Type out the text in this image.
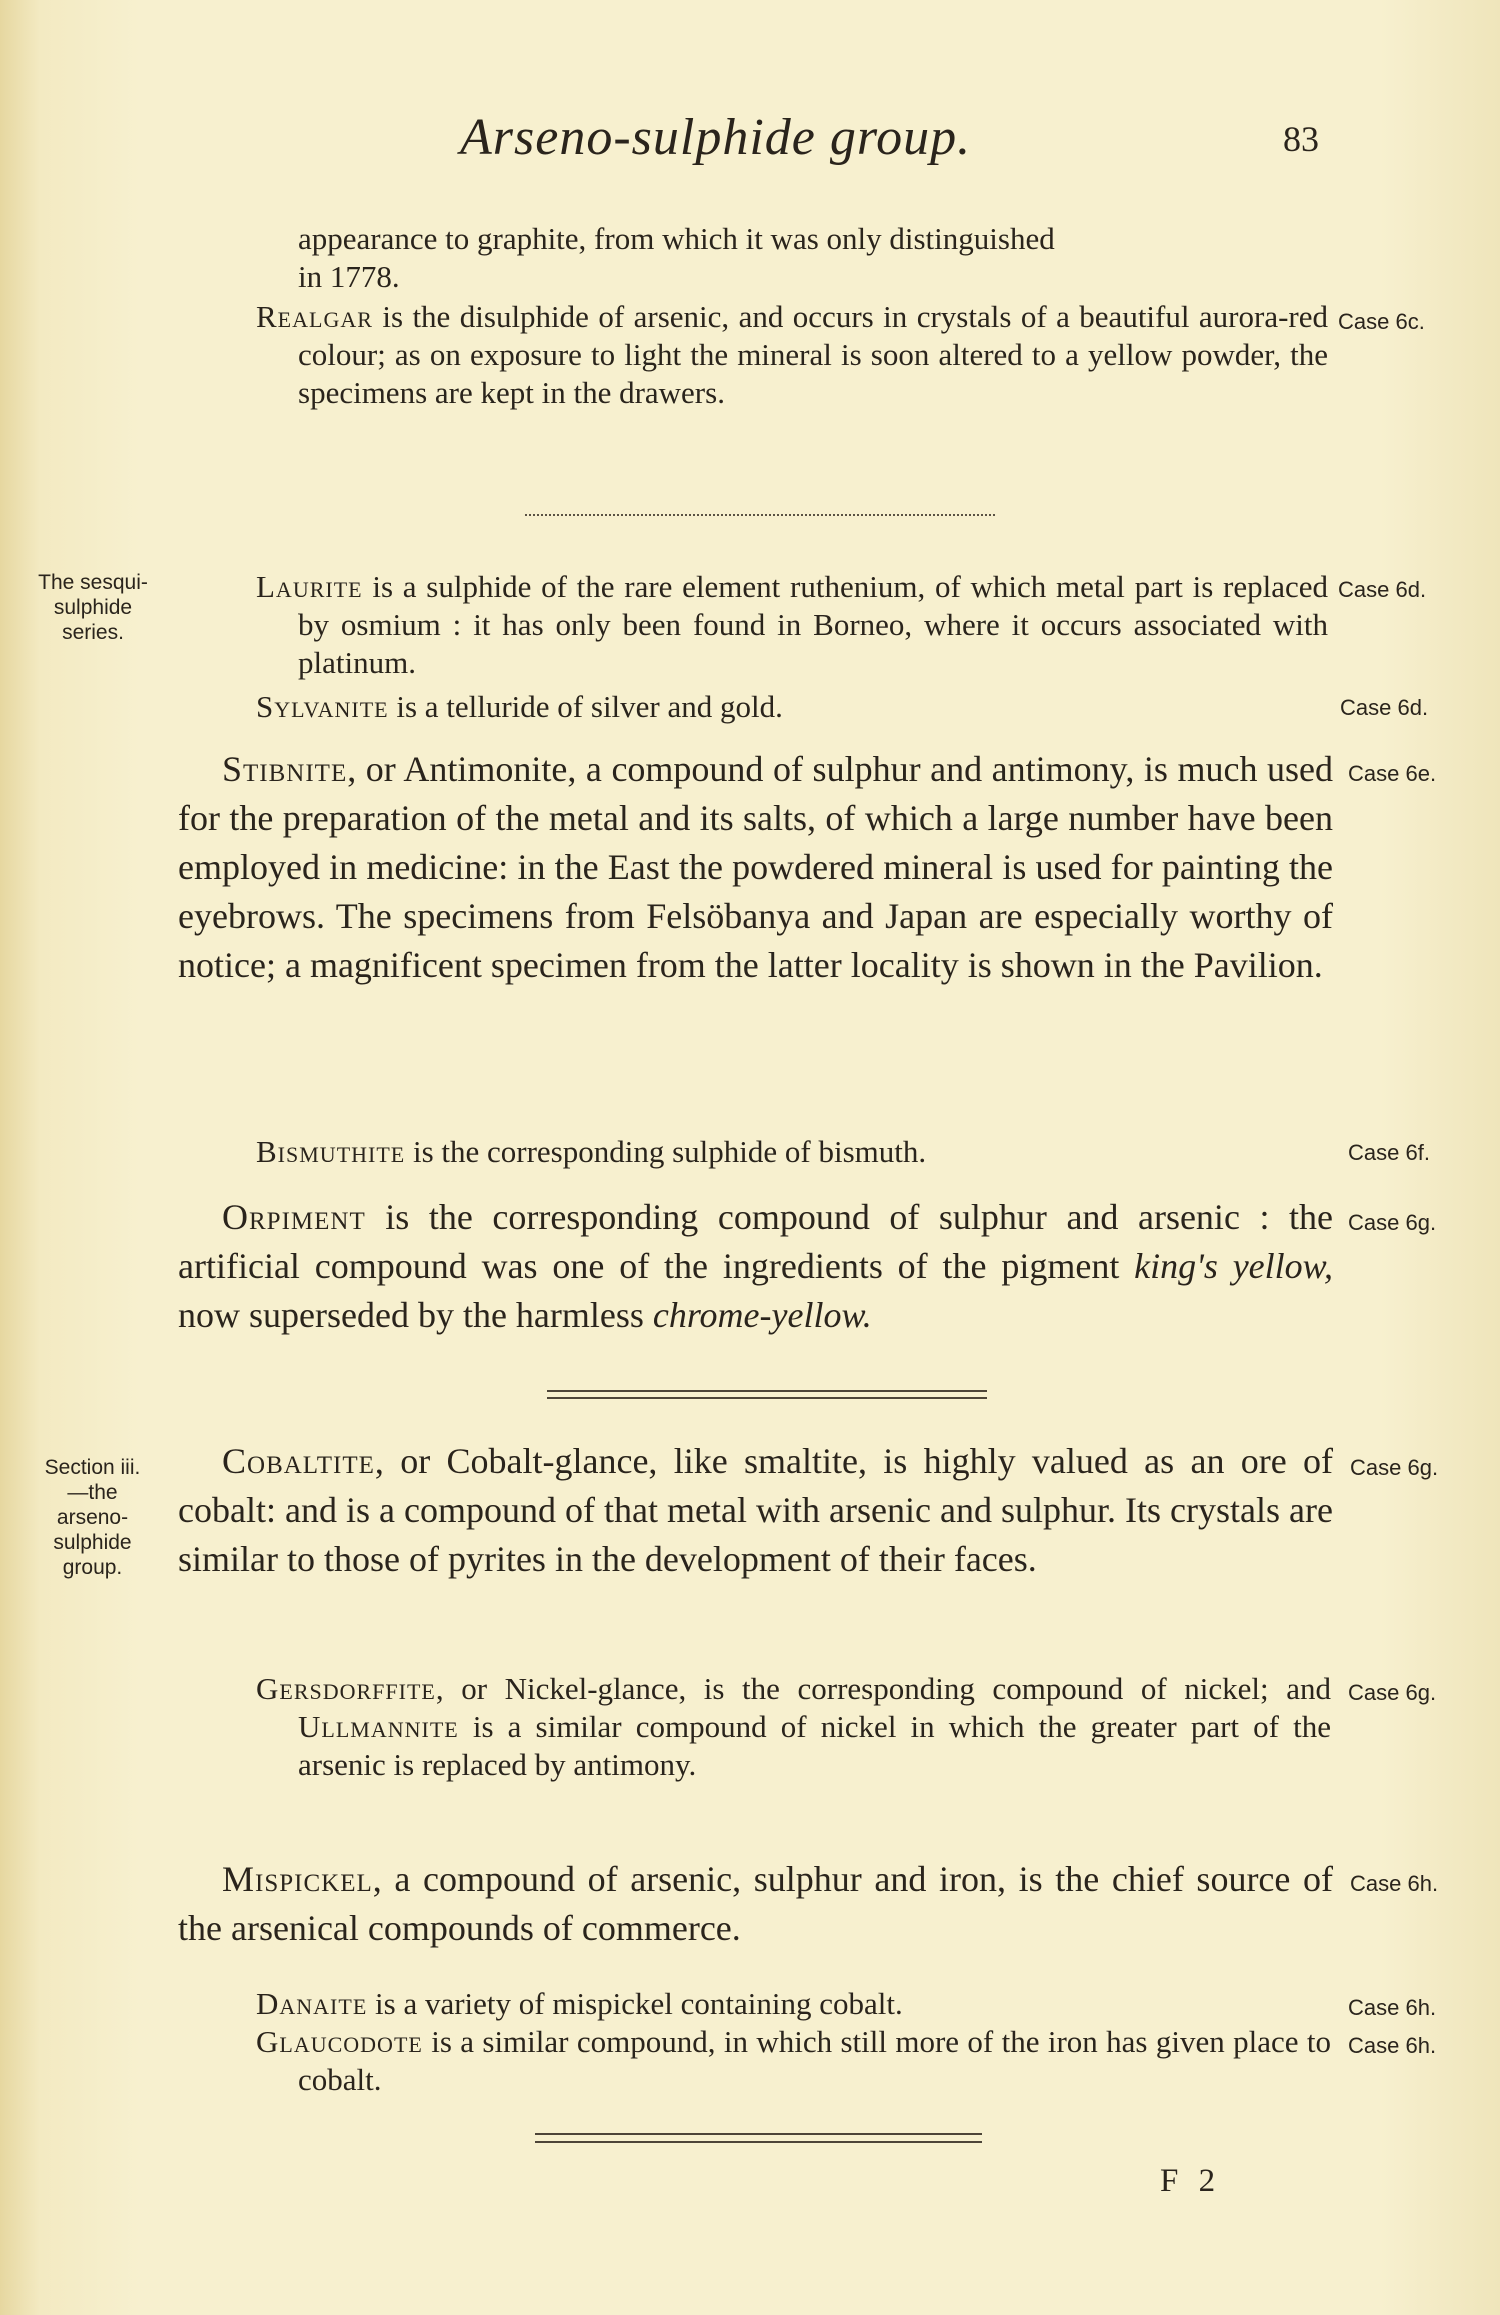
Arseno-sulphide group.	83

appearance to graphite, from which it was only distinguished

in 1778.

Realgar is the disulphide of arsenic, and occurs in crystals of a beautiful aurora-red colour; as on exposure to light the mineral is soon altered to a yellow powder, the specimens are kept in the drawers.
Case 6c.
The sesqui-
sulphide
series.
Laurite is a sulphide of the rare element ruthenium, of which metal part is replaced by osmium : it has only been found in Borneo, where it occurs associated with platinum.
Case 6d.
Sylvanite is a telluride of silver and gold.	Case 6d.
Stibnite, or Antimonite, a compound of sulphur and antimony, is much used for the preparation of the metal and its salts, of which a large number have been employed in medicine: in the East the powdered mineral is used for painting the eyebrows. The specimens from Felsöbanya and Japan are especially worthy of notice; a magnificent specimen from the latter locality is shown in the Pavilion.
Case 6e.
Bismuthite is the corresponding sulphide of bismuth.	Case 6f.
Orpiment is the corresponding compound of sulphur and arsenic : the artificial compound was one of the ingredients of the pigment king's yellow, now superseded by the harmless chrome-yellow.
Case 6g.
Section iii.
—the
arseno-
sulphide
group.
Cobaltite, or Cobalt-glance, like smaltite, is highly valued as an ore of cobalt: and is a compound of that metal with arsenic and sulphur. Its crystals are similar to those of pyrites in the development of their faces.
Case 6g.
Gersdorffite, or Nickel-glance, is the corresponding compound of nickel; and Ullmannite is a similar compound of nickel in which the greater part of the arsenic is replaced by antimony.
Case 6g.
Mispickel, a compound of arsenic, sulphur and iron, is the chief source of the arsenical compounds of commerce.
Case 6h.
Danaite is a variety of mispickel containing cobalt.	Case 6h.
Glaucodote is a similar compound, in which still more of the iron has given place to cobalt.
Case 6h.
F 2
